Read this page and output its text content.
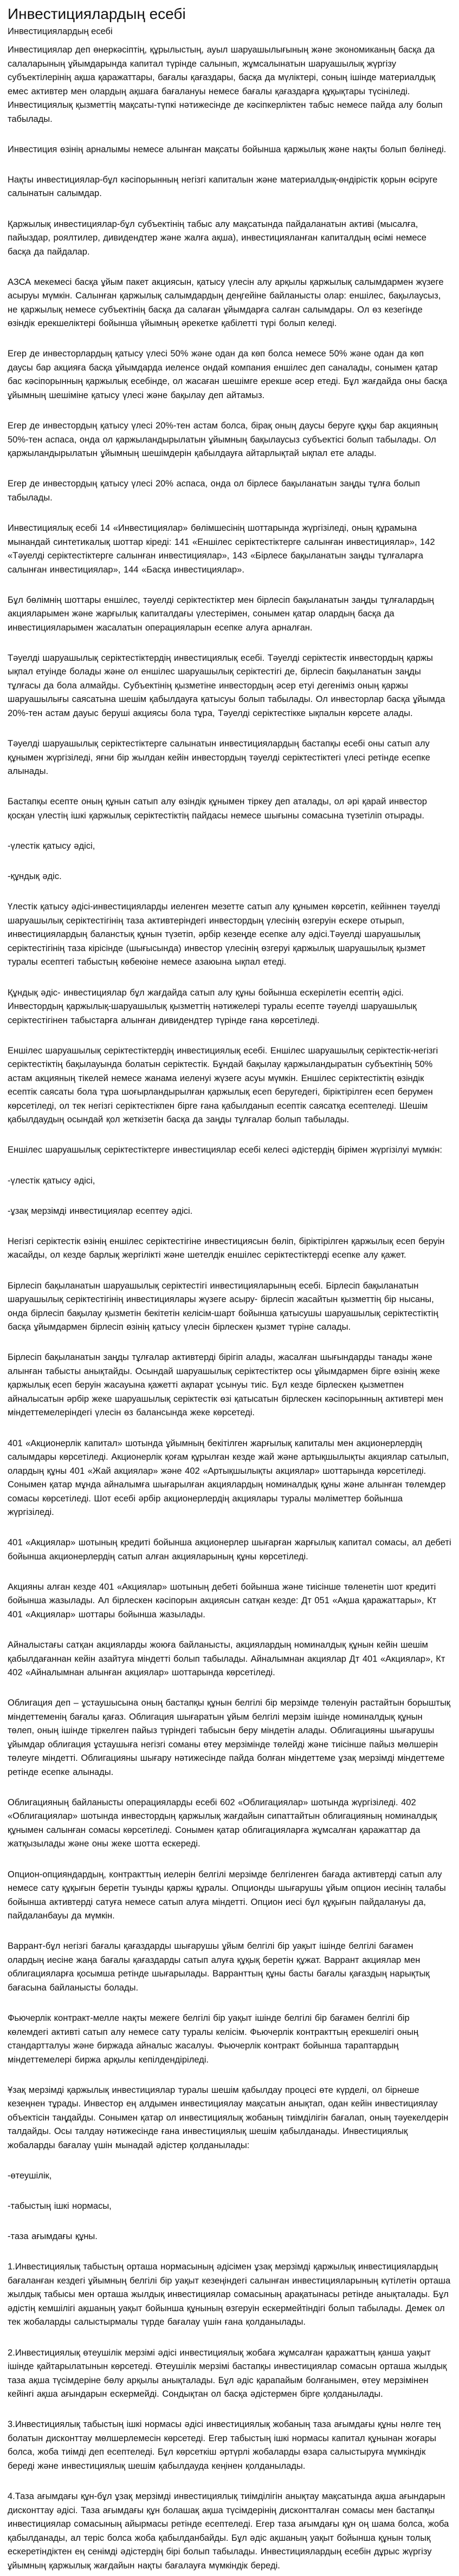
Инвестициялардың есебі

Инвестициялардың есебі

Инвестициялар деп өнеркәсіптің, құрылыстың, ауыл шаруашылығының және экономиканың басқа да салаларының ұйымдарында капитал түрінде салынып, жұмсалынатын шаруашылық жүргізу субъектілерінің ақша қаражаттары, бағалы қағаздары, басқа да мүліктері, соның ішінде материалдық емес активтер мен олардың ақшаға бағалануы немесе бағалы қағаздарға құқықтары түсініледі. Инвестициялық қызметтің мақсаты-түпкі нәтижесінде де кәсіпкерліктен табыс немесе пайда алу болып табылады.

Инвестиция өзінің арналымы немесе алынған мақсаты бойынша қаржылық және нақты болып бөлінеді.

Нақты инвестициялар-бұл кәсіпорынның негізгі капиталын және материалдық-өндірістік қорын өсіруге салынатын салымдар.

Қаржылық инвестициялар-бұл субъектінің табыс алу мақсатында пайдаланатын активі (мысалға, пайыздар, роялтилер, дивидендтер және жалға ақша), инвестицияланған капиталдың өсімі немесе басқа да пайдалар.

АЗСА мекемесі басқа ұйым пакет акциясын, қатысу үлесін алу арқылы қаржылық салымдармен жүзеге асыруы мүмкін. Салынған қаржылық салымдардың деңгейіне байланысты олар: еншілес, бақылаусыз, не қаржылық немесе субъектінің басқа да салаған ұйымдарға салған салымдары. Ол өз кезегінде өзіндік ерекшеліктері бойынша үйымның әрекетке қабілетті түрі болып келеді.

Егер де инвесторлардың қатысу үлесі 50% және одан да көп болса немесе 50% және одан да көп даусы бар акцияға басқа ұйымдарда иеленсе ондай компания еншілес деп саналады, сонымен қатар бас кәсіпорынның қаржылық есебінде, ол жасаған шешімге ерекше әсер етеді. Бұл жағдайда оны басқа ұйымның шешіміне қатысу үлесі және бақылау деп айтамыз.

Егер де инвестордың қатысу үлесі 20%-тен астам болса, бірақ оның даусы беруге құқы бар акцияның 50%-тен аспаса, онда ол қаржыландырылатын ұйымның бақылаусыз субъектісі болып табылады. Ол қаржыландырылатын ұйымның шешімдерін қабылдауға айтарлықтай ықпал ете алады.

Егер де инвестордың қатысу үлесі 20% аспаса, онда ол бірлесе бақыланатын заңды тұлға болып табылады.

Инвестициялық есебі 14 «Инвестициялар» бөлімшесінің шоттарында жүргізіледі, оның құрамына мынандай синтетикалық шоттар кіреді: 141 «Еншілес серіктестіктерге салынған инвестициялар», 142 «Тәуелді серіктестіктерге салынған инвестициялар», 143 «Бірлесе бақыланатын заңды тұлғаларға салынған инвестициялар», 144 «Басқа инвестициялар».

Бұл бөлімнің шоттары еншілес, тәуелді серіктестіктер мен бірлесіп бақыланатын заңды тұлғалардың акцияларымен және жарғылық капиталдағы үлестерімен, сонымен қатар олардың басқа да инвестицияларымен жасалатын операцияларын есепке алуға арналған.

Тәуелді шаруашылық серіктестіктердің инвестициялық есебі. Тәуелді серіктестік инвестордың қаржы ықпал етуінде болады және ол еншілес шаруашылық серіктестігі де, бірлесіп бақыланатын заңды тұлғасы да бола алмайды. Субъектінің қызметіне инвестордың әсер етуі дегеніміз оның қаржы шаруашылығы саясатына шешім қабылдауға қатысуы болып табылады. Ол инвесторлар басқа ұйымда 20%-тен астам дауыс беруші акциясы бола тұра, Тәуелді серіктестікке ықпалын көрсете алады.

Тәуелді шаруашылық серіктестіктерге салынатын инвестициялардың бастапқы есебі оны сатып алу құнымен жүргізіледі, яғни бір жылдан кейін инвестордың тәуелді серіктестіктегі үлесі ретінде есепке алынады.

Бастапқы есепте оның құнын сатып алу өзіндік құнымен тіркеу деп аталады, ол әрі қарай инвестор қосқан үлестің ішкі қаржылық серіктестіктің пайдасы немесе шығыны сомасына түзетіліп отырады.

-үлестік қатысу әдісі,

-құндық әдіс.

Үлестік қатысу әдісі-инвестицияларды иеленген мезетте сатып алу құнымен көрсетіп, кейіннен тәуелді шаруашылық серіктестігінің таза активтеріндегі инвестордың үлесінің өзгеруін ескере отырып, инвестициялардың баланстық құнын түзетіп, әрбір кезеңде есепке алу әдісі.Тәуелді шаруашылық серіктестігінің таза кірісінде (шығысында) инвестор үлесінің өзгеруі қаржылық шаруашылық қызмет туралы есептегі табыстың көбеюіне немесе азаюына ықпал етеді.

Құндық әдіс- инвестициялар бұл жағдайда сатып алу құны бойынша ескерілетін есептің әдісі. Инвестордың қаржылық-шаруашылық қызметтің нәтижелері туралы есепте тәуелді шаруашылық серіктестігінен табыстарға алынған дивидендтер түрінде ғана көрсетіледі.

Еншілес шаруашылық серіктестіктердің инвестициялық есебі. Еншілес шаруашылық серіктестік-негізгі серіктестіктің бақылауында болатын серіктестік. Бұндай бақылау қаржыландыратын субъектінің 50% астам акцияның тікелей немесе жанама иеленуі жүзеге асуы мүмкін. Еншілес серіктестіктің өзіндік есептік саясаты бола тұра шоғырландырылған қаржылық есеп беругедегі, біріктірілген есеп берумен көрсетіледі, ол тек негізгі серіктестікпен бірге ғана қабылданып есептік саясатқа есептеледі. Шешім қабылдаудың осындай қол жеткізетін басқа да заңды тұлғалар болып табылады.

Еншілес шаруашылық серіктестіктерге инвестициялар есебі келесі әдістердің бірімен жүргізілуі мүмкін:

-үлестік қатысу әдісі,

-ұзақ мерзімді инвестициялар есептеу әдісі.

Негізгі серіктестік өзінің еншілес серіктестігіне инвестициясын бөліп, біріктірілген қаржылық есеп беруін жасайды, ол кезде барлық жергілікті және шетелдік еншілес серіктестіктерді есепке алу қажет.

Бірлесіп бақыланатын шаруашылық серіктестігі инвестицияларының есебі. Бірлесіп бақыланатын шаруашылық серіктестігінің инвестициялары жүзеге асыру- бірлесіп жасайтын қызметтің бір нысаны, онда бірлесіп бақылау қызметін бекітетін келісім-шарт бойынша қатысушы шаруашылық серіктестіктің басқа ұйымдармен бірлесіп өзінің қатысу үлесін бірлескен қызмет түріне салады.

Бірлесіп бақыланатын заңды тұлғалар активтерді бірігіп алады, жасалған шығындарды танады және алынған табысты анықтайды. Осындай шаруашылық серіктестіктер осы ұйымдармен бірге өзінің жеке қаржылық есеп беруін жасауына қажетті ақпарат ұсынуы тиіс. Бұл кезде бірлескен қызметпен айналысатын әрбір жеке шаруашылық серіктестік өзі қатысатын бірлескен кәсіпорынның активтері мен міндеттемелеріндегі үлесін өз балансында жеке көрсетеді.

401 «Акционерлік капитал» шотында ұйымның бекітілген жарғылық капиталы мен акционерлердің салымдары көрсетіледі. Акционерлік қоғам құрылған кезде жай және артықшылықты акциялар сатылып, олардың құны 401 «Жай акциялар» және 402 «Артықшылықты акциялар» шоттарында көрсетіледі. Сонымен қатар мұнда айналымға шығарылған акциялардың номиналдық құны және алынған төлемдер сомасы көрсетіледі. Шот есебі әрбір акционерлердің акциялары туралы мәліметтер бойынша жүргізіледі.

401 «Акциялар» шотының кредиті бойынша акционерлер шығарған жарғылық капитал сомасы, ал дебеті бойынша акционерлердің сатып алған акцияларының құны көрсетіледі.

Акцияны алған кезде 401 «Акциялар» шотының дебеті бойынша және тиісінше төленетін шот кредиті бойынша жазылады. Ал бірлескен кәсіпорын акциясын сатқан кезде: Дт 051 «Ақша қаражаттары», Кт 401 «Акциялар» шоттары бойынша жазылады.

Айналыстағы сатқан акцияларды жоюға байланысты, акциялардың номиналдық құнын кейін шешім қабылдағаннан кейін азайтуға міндетті болып табылады. Айналымнан акциялар Дт 401 «Акциялар», Кт 402 «Айналымнан алынған акциялар» шоттарында көрсетіледі.

Облигация деп – ұстаушысына оның бастапқы құнын белгілі бір мерзімде төленуін растайтын борыштық міндеттеменің бағалы қағаз. Облигация шығаратын ұйым белгілі мерзім ішінде номиналдық құнын төлеп, оның ішінде тіркелген пайыз түріндегі табысын беру міндетін алады. Облигацияны шығарушы ұйымдар облигация ұстаушыға негізгі соманы өтеу мерзімінде төлейді және тиісінше пайыз мөлшерін төлеуге міндетті. Облигацияны шығару нәтижесінде пайда болған міндеттеме ұзақ мерзімді міндеттеме ретінде есепке алынады.

Облигацияның байланысты операцияларды есебі 602 «Облигациялар» шотында жүргізіледі. 402 «Облигациялар» шотында инвестордың қаржылық жағдайын сипаттайтын облигацияның номиналдық құнымен салынған сомасы көрсетіледі. Сонымен қатар облигацияларға жұмсалған қаражаттар да жатқызылады және оны жеке шотта ескереді.

Опцион-опцияндардың, контракттың иелерін белгілі мерзімде белгіленген бағада активтерді сатып алу немесе сату құқығын беретін туынды қаржы құралы. Опционды шығарушы ұйым опцион иесінің талабы бойынша активтерді сатуға немесе сатып алуға міндетті. Опцион иесі бұл құқығын пайдалануы да, пайдаланбауы да мүмкін.

Варрант-бұл негізгі бағалы қағаздарды шығарушы ұйым белгілі бір уақыт ішінде белгілі бағамен олардың иесіне жаңа бағалы қағаздарды сатып алуға құқық беретін құжат. Варрант акциялар мен облигацияларға қосымша ретінде шығарылады. Варранттың құны басты бағалы қағаздың нарықтық бағасына байланысты болады.

Фьючерлік контракт-мелле нақты межеге белгілі бір уақыт ішінде белгілі бір бағамен белгілі бір көлемдегі активті сатып алу немесе сату туралы келісім. Фьючерлік контракттың ерекшелігі оның стандартталуы және биржада айналыс жасалуы. Фьючерлік контракт бойынша тараптардың міндеттемелері биржа арқылы кепілдендіріледі.

Ұзақ мерзімді қаржылық инвестициялар туралы шешім қабылдау процесі өте күрделі, ол бірнеше кезеңнен тұрады. Инвестор ең алдымен инвестициялау мақсатын анықтап, одан кейін инвестициялау объектісін таңдайды. Сонымен қатар ол инвестициялық жобаның тиімділігін бағалап, оның тәуекелдерін талдайды. Осы талдау нәтижесінде ғана инвестициялық шешім қабылданады. Инвестициялық жобаларды бағалау үшін мынадай әдістер қолданылады:

-өтеушілік,

-табыстың ішкі нормасы,

-таза ағымдағы құны.

1.Инвестициялық табыстың орташа нормасының әдісімен ұзақ мерзімді қаржылық инвестициялардың бағаланған кездегі ұйымның белгілі бір уақыт кезеңіндегі салынған инвестицияларының күтілетін орташа жылдық табысы мен орташа жылдық инвестициялар сомасының арақатынасы ретінде анықталады. Бұл әдістің кемшілігі ақшаның уақыт бойынша құнының өзгеруін ескермейтіндігі болып табылады. Демек ол тек жобаларды салыстырмалы түрде бағалау үшін ғана қолданылады.

2.Инвестициялық өтеушілік мерзімі әдісі инвестициялық жобаға жұмсалған қаражаттың қанша уақыт ішінде қайтарылатынын көрсетеді. Өтеушілік мерзімі бастапқы инвестициялар сомасын орташа жылдық таза ақша түсімдеріне бөлу арқылы анықталады. Бұл әдіс қарапайым болғанымен, өтеу мерзімінен кейінгі ақша ағындарын ескермейді. Сондықтан ол басқа әдістермен бірге қолданылады.

3.Инвестициялық табыстың ішкі нормасы әдісі инвестициялық жобаның таза ағымдағы құны нөлге тең болатын дисконттау мөлшерлемесін көрсетеді. Егер табыстың ішкі нормасы капитал құнынан жоғары болса, жоба тиімді деп есептеледі. Бұл көрсеткіш әртүрлі жобаларды өзара салыстыруға мүмкіндік береді және инвестициялық шешім қабылдауда кеңінен қолданылады.

4.Таза ағымдағы құн-бұл ұзақ мерзімді инвестициялық тиімділігін анықтау мақсатында ақша ағындарын дисконттау әдісі. Таза ағымдағы құн болашақ ақша түсімдерінің дисконтталған сомасы мен бастапқы инвестициялар сомасының айырмасы ретінде есептеледі. Егер таза ағымдағы құн оң шама болса, жоба қабылданады, ал теріс болса жоба қабылданбайды. Бұл әдіс ақшаның уақыт бойынша құнын толық ескеретіндіктен ең сенімді әдістердің бірі болып табылады. Инвестициялардың есебін дұрыс жүргізу ұйымның қаржылық жағдайын нақты бағалауға мүмкіндік береді.
